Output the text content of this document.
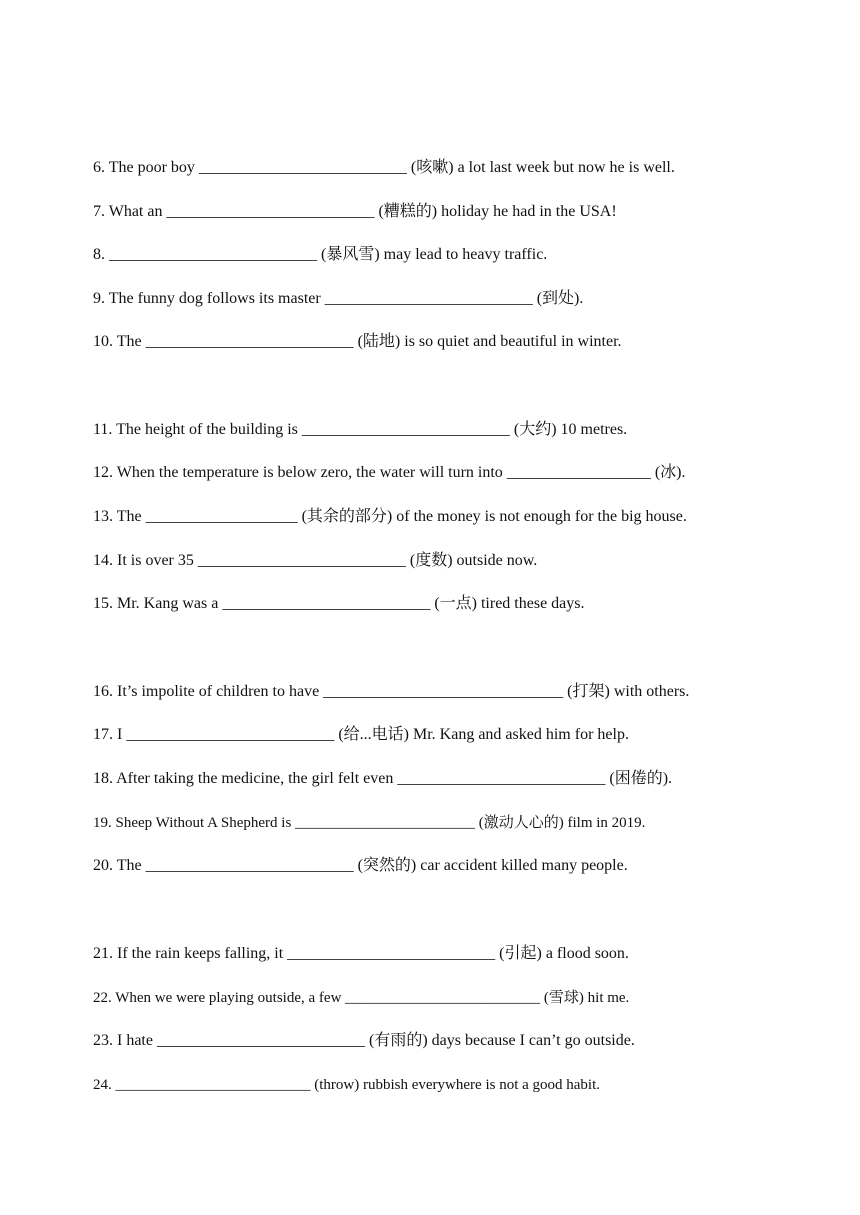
6. The poor boy __________________________ (咳嗽) a lot last week but now he is well.
7. What an __________________________ (糟糕的) holiday he had in the USA!
8. __________________________ (暴风雪) may lead to heavy traffic.
9. The funny dog follows its master __________________________ (到处).
10. The __________________________ (陆地) is so quiet and beautiful in winter.
11. The height of the building is __________________________ (大约) 10 metres.
12. When the temperature is below zero, the water will turn into __________________ (冰).
13. The ___________________ (其余的部分) of the money is not enough for the big house.
14. It is over 35 __________________________ (度数) outside now.
15. Mr. Kang was a __________________________ (一点) tired these days.
16. It’s impolite of children to have ______________________________ (打架) with others.
17. I __________________________ (给...电话) Mr. Kang and asked him for help.
18. After taking the medicine, the girl felt even __________________________ (困倦的).
19. Sheep Without A Shepherd is ________________________ (激动人心的) film in 2019.
20. The __________________________ (突然的) car accident killed many people.
21. If the rain keeps falling, it __________________________ (引起) a flood soon.
22. When we were playing outside, a few __________________________ (雪球) hit me.
23. I hate __________________________ (有雨的) days because I can’t go outside.
24. __________________________ (throw) rubbish everywhere is not a good habit.
